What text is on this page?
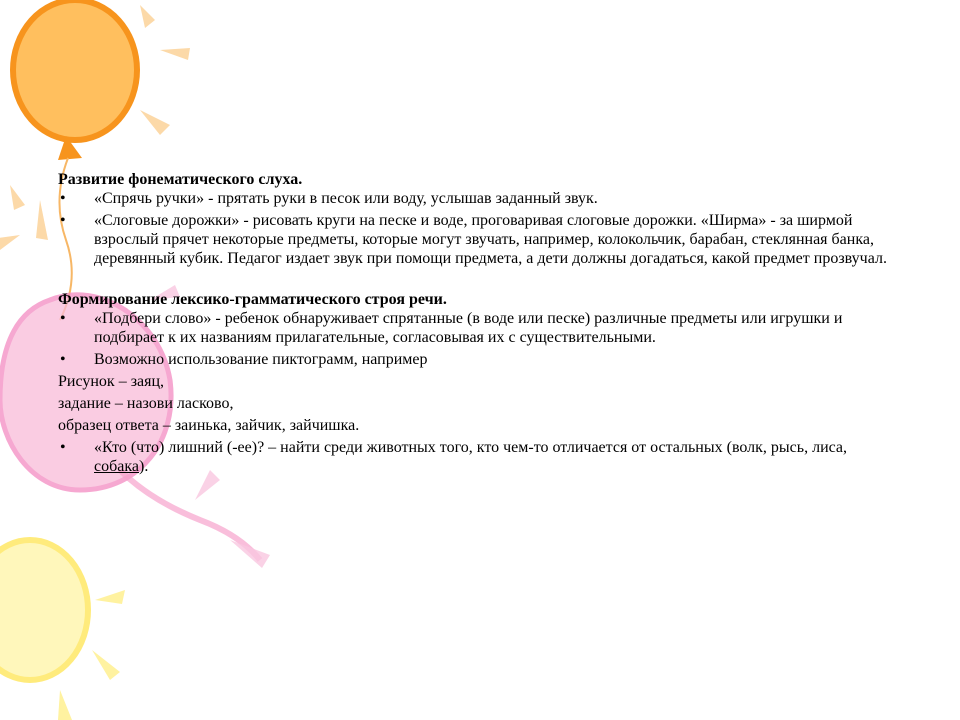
Развитие фонематического слуха.

• «Спрячь ручки» - прятать руки в песок или воду, услышав заданный звук.
• «Слоговые дорожки» - рисовать круги на песке и воде, проговаривая слоговые дорожки. «Ширма» - за ширмой взрослый прячет некоторые предметы, которые могут звучать, например, колокольчик, барабан, стеклянная банка, деревянный кубик. Педагог издает звук при помощи предмета, а дети должны догадаться, какой предмет прозвучал.

Формирование лексико-грамматического строя речи.

• «Подбери слово» - ребенок обнаруживает спрятанные (в воде или песке) различные предметы или игрушки и подбирает к их названиям прилагательные, согласовывая их с существительными.
• Возможно использование пиктограмм, например

Рисунок – заяц,

задание – назови ласково,

образец ответа – заинька, зайчик, зайчишка.

• «Кто (что) лишний (-ее)? – найти среди животных того, кто чем-то отличается от остальных (волк, рысь, лиса, собака).
